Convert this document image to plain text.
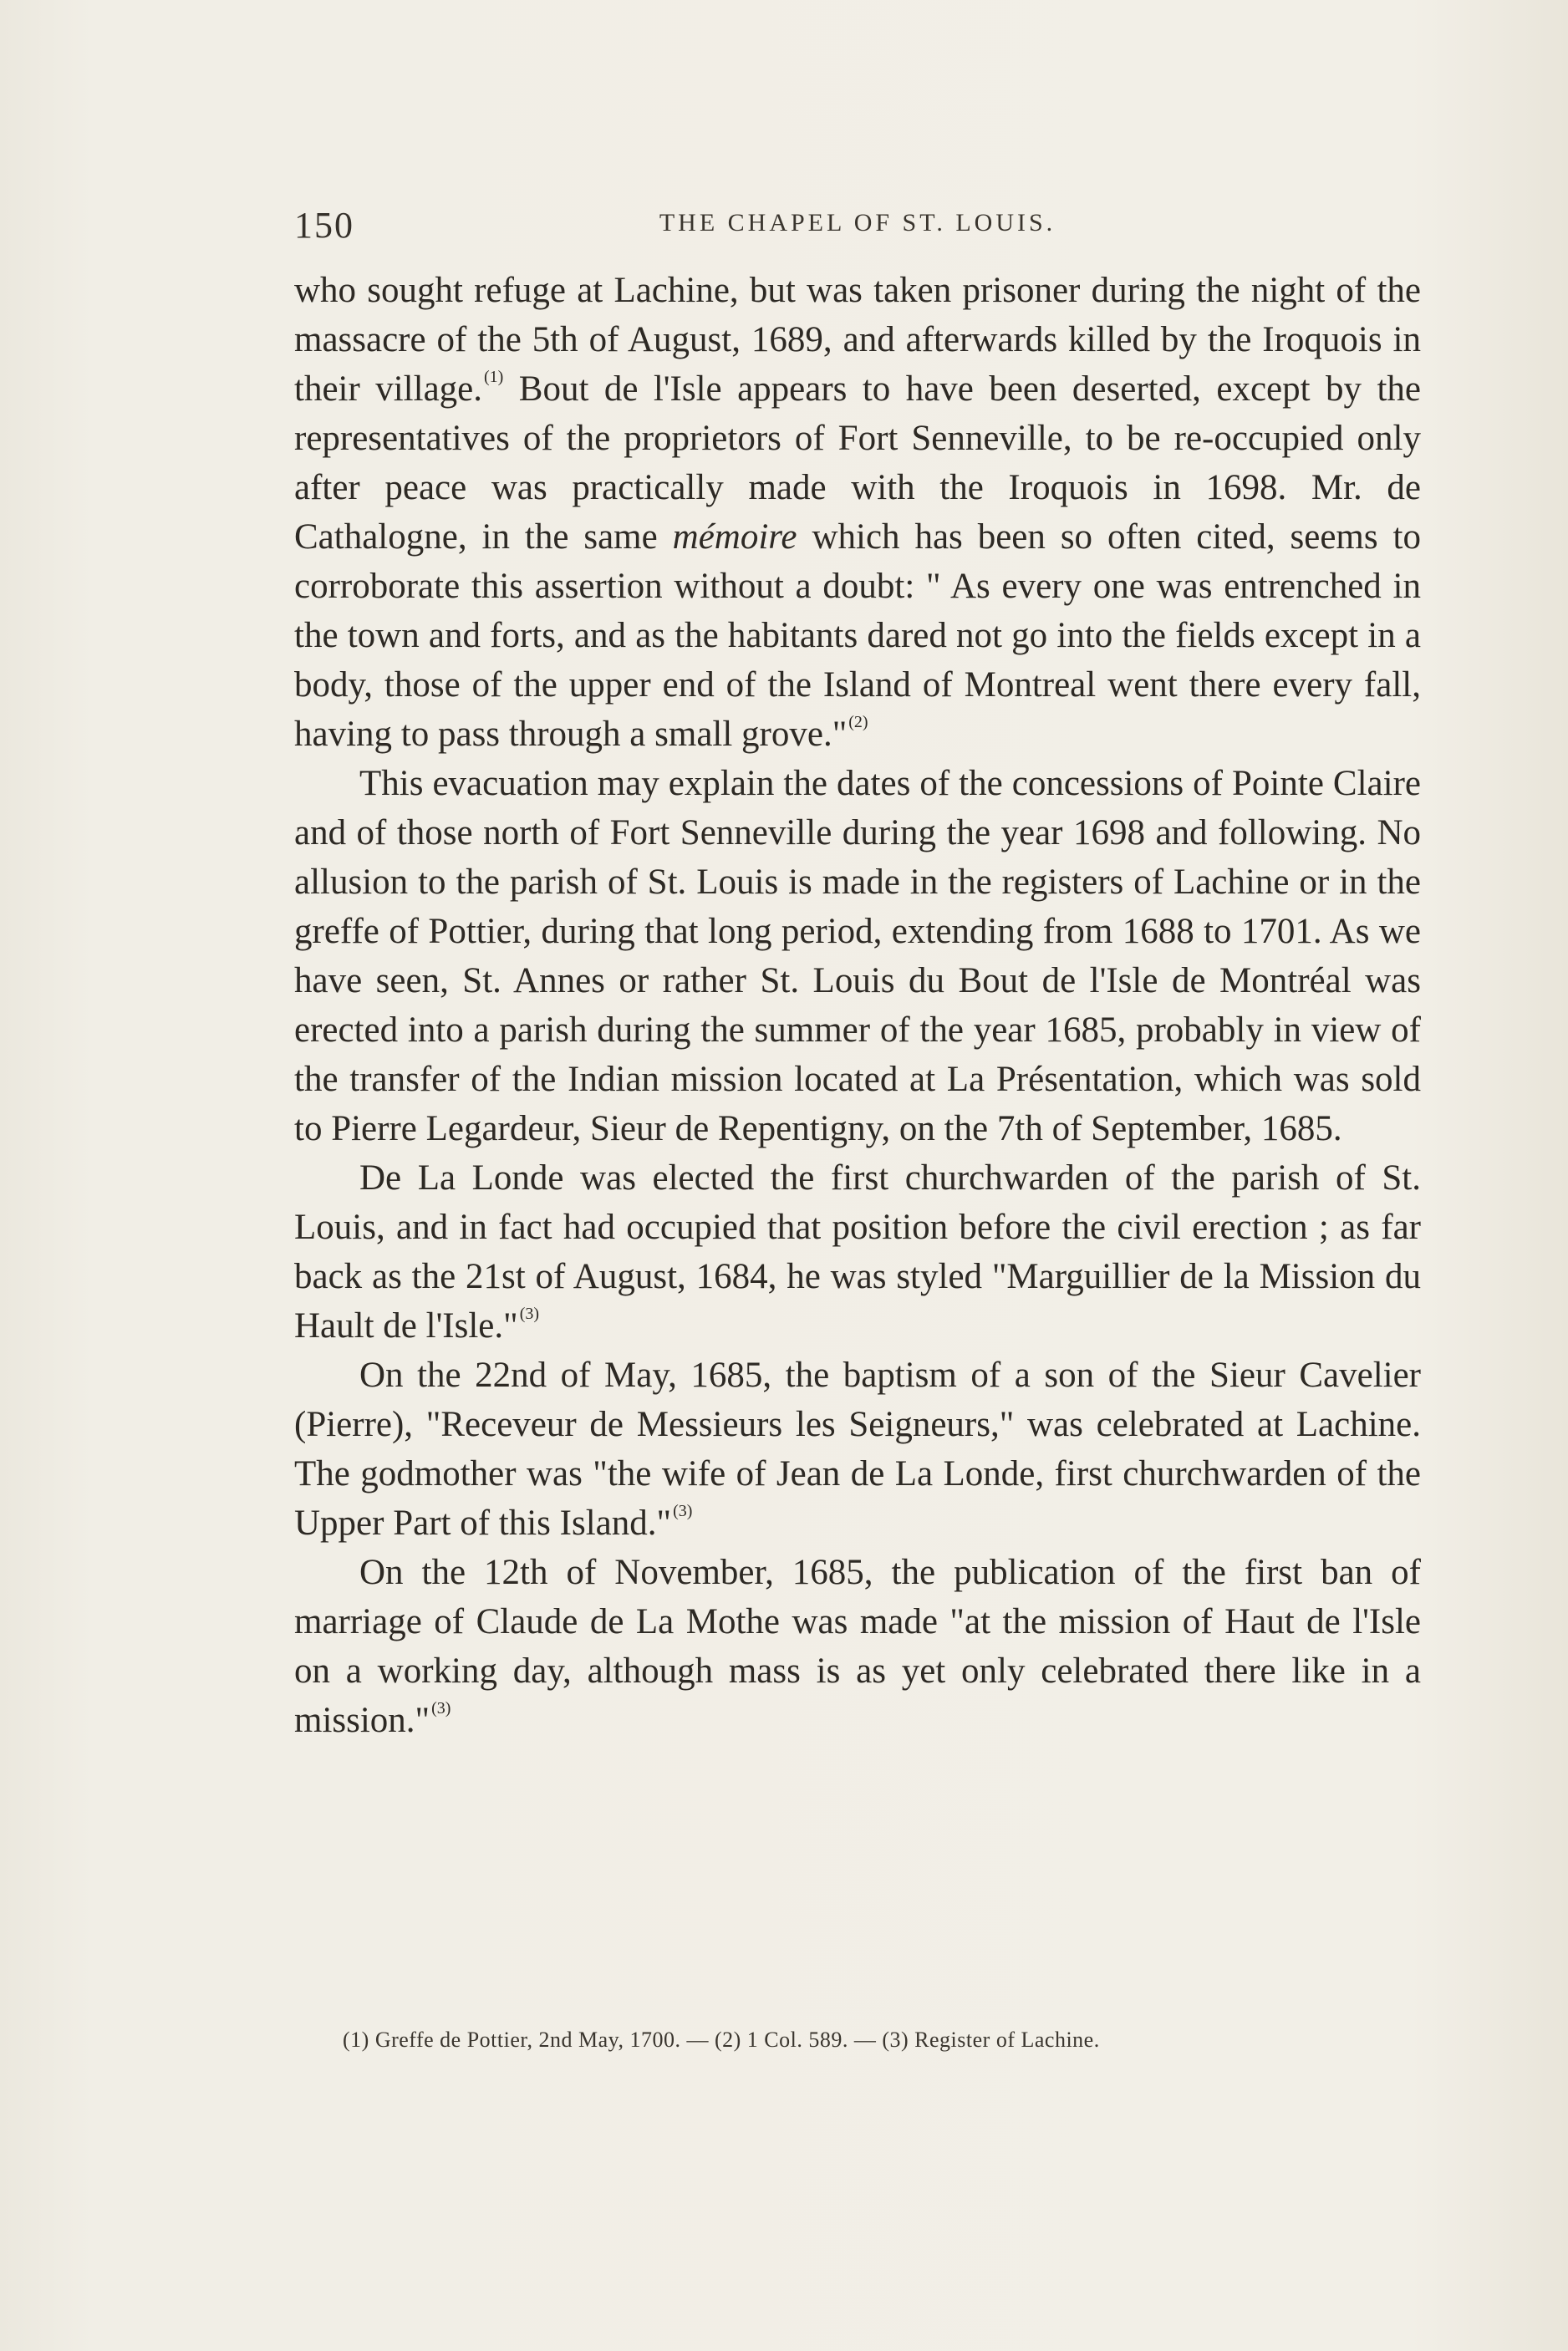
150	THE CHAPEL OF ST. LOUIS.

who sought refuge at Lachine, but was taken prisoner during the night of the massacre of the 5th of August, 1689, and afterwards killed by the Iroquois in their village. $^{(1)}$ Bout de l'Isle appears to have been deserted, except by the representatives of the proprietors of Fort Senneville, to be re-occupied only after peace was practically made with the Iroquois in 1698. Mr. de Cathalogne, in the same mémoire which has been so often cited, seems to corroborate this assertion without a doubt: " As every one was entrenched in the town and forts, and as the habitants dared not go into the fields except in a body, those of the upper end of the Island of Montreal went there every fall, having to pass through a small grove." $^{(2)}$

This evacuation may explain the dates of the concessions of Pointe Claire and of those north of Fort Senneville during the year 1698 and following. No allusion to the parish of St. Louis is made in the registers of Lachine or in the greffe of Pottier, during that long period, extending from 1688 to 1701. As we have seen, St. Annes or rather St. Louis du Bout de l'Isle de Montréal was erected into a parish during the summer of the year 1685, probably in view of the transfer of the Indian mission located at La Présentation, which was sold to Pierre Legardeur, Sieur de Repentigny, on the 7th of September, 1685.

De La Londe was elected the first churchwarden of the parish of St. Louis, and in fact had occupied that position before the civil erection ; as far back as the 21st of August, 1684, he was styled "Marguillier de la Mission du Hault de l'Isle." $^{(3)}$

On the 22nd of May, 1685, the baptism of a son of the Sieur Cavelier (Pierre), "Receveur de Messieurs les Seigneurs," was celebrated at Lachine. The godmother was "the wife of Jean de La Londe, first churchwarden of the Upper Part of this Island." $^{(3)}$

On the 12th of November, 1685, the publication of the first ban of marriage of Claude de La Mothe was made "at the mission of Haut de l'Isle on a working day, although mass is as yet only celebrated there like in a mission." $^{(3)}$

(1) Greffe de Pottier, 2nd May, 1700. — (2) 1 Col. 589. — (3) Register of Lachine.
